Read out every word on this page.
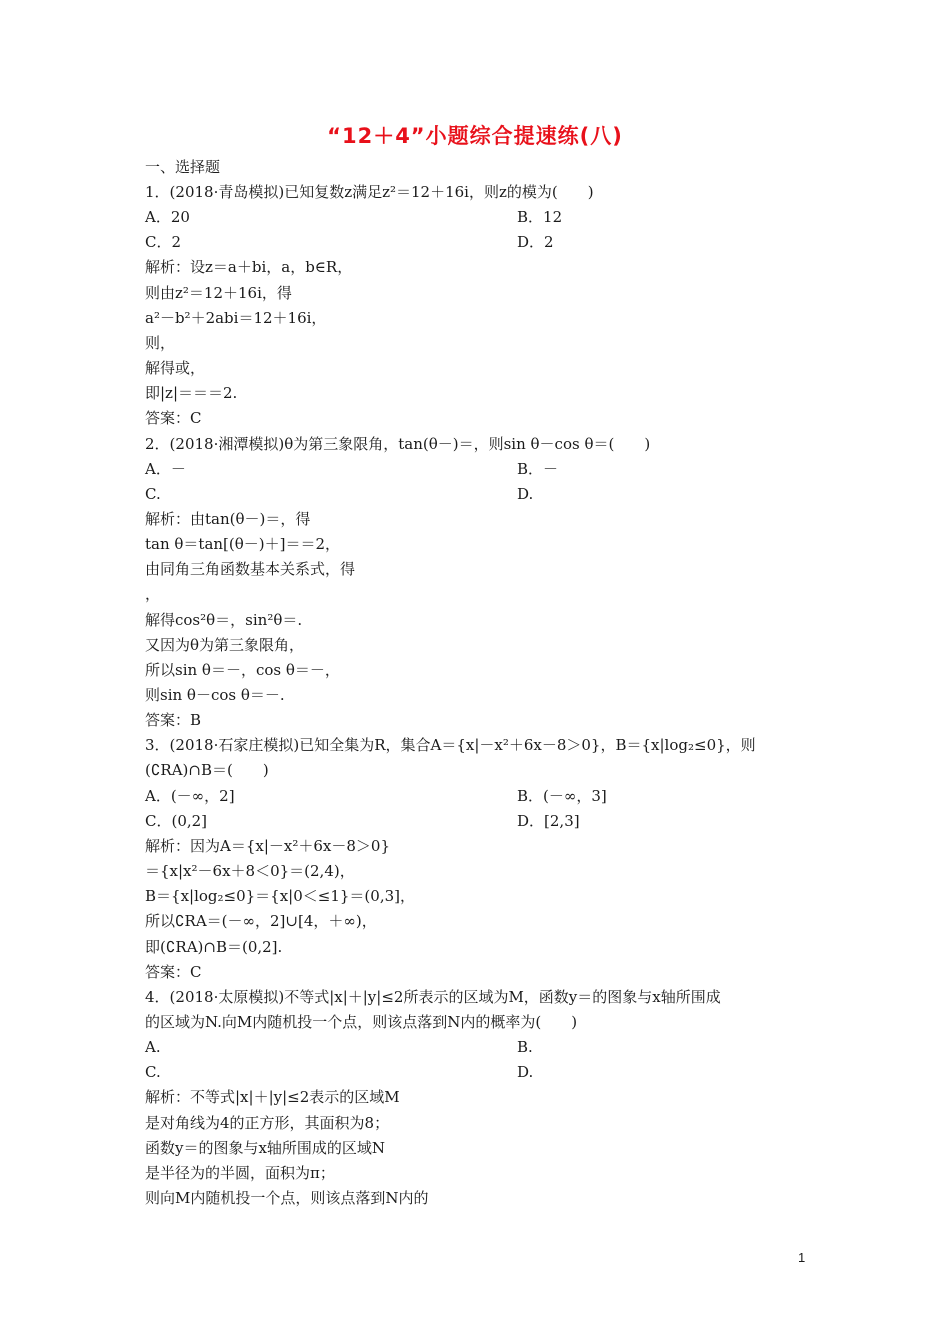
“12＋4”小题综合提速练(八)
一、选择题
1．(2018·青岛模拟)已知复数z满足z²＝12＋16i，则z的模为(　　)
A．20	B．12
C．2	D．2
解析：设z＝a＋bi，a，b∈R，
则由z²＝12＋16i，得
a²－b²＋2abi＝12＋16i，
则，
解得或，
即|z|＝＝＝2.
答案：C
2．(2018·湘潭模拟)θ为第三象限角，tan(θ－)＝，则sin θ－cos θ＝(　　)
A．－	B．－
C.	D.
解析：由tan(θ－)＝，得
tan θ＝tan[(θ－)＋]＝＝2，
由同角三角函数基本关系式，得
，
解得cos²θ＝，sin²θ＝.
又因为θ为第三象限角，
所以sin θ＝－，cos θ＝－，
则sin θ－cos θ＝－.
答案：B
3．(2018·石家庄模拟)已知全集为R，集合A＝{x|－x²＋6x－8＞0}，B＝{x|log₂≤0}，则
(∁RA)∩B＝(　　)
A．(－∞，2]	B．(－∞，3]
C．(0,2]	D．[2,3]
解析：因为A＝{x|－x²＋6x－8＞0}
＝{x|x²－6x＋8＜0}＝(2,4)，
B＝{x|log₂≤0}＝{x|0＜≤1}＝(0,3]，
所以∁RA＝(－∞，2]∪[4，＋∞)，
即(∁RA)∩B＝(0,2].
答案：C
4．(2018·太原模拟)不等式|x|＋|y|≤2所表示的区域为M，函数y＝的图象与x轴所围成
的区域为N.向M内随机投一个点，则该点落到N内的概率为(　　)
A.	B.
C.	D.
解析：不等式|x|＋|y|≤2表示的区域M
是对角线为4的正方形，其面积为8；
函数y＝的图象与x轴所围成的区域N
是半径为的半圆，面积为π；
则向M内随机投一个点，则该点落到N内的
1
